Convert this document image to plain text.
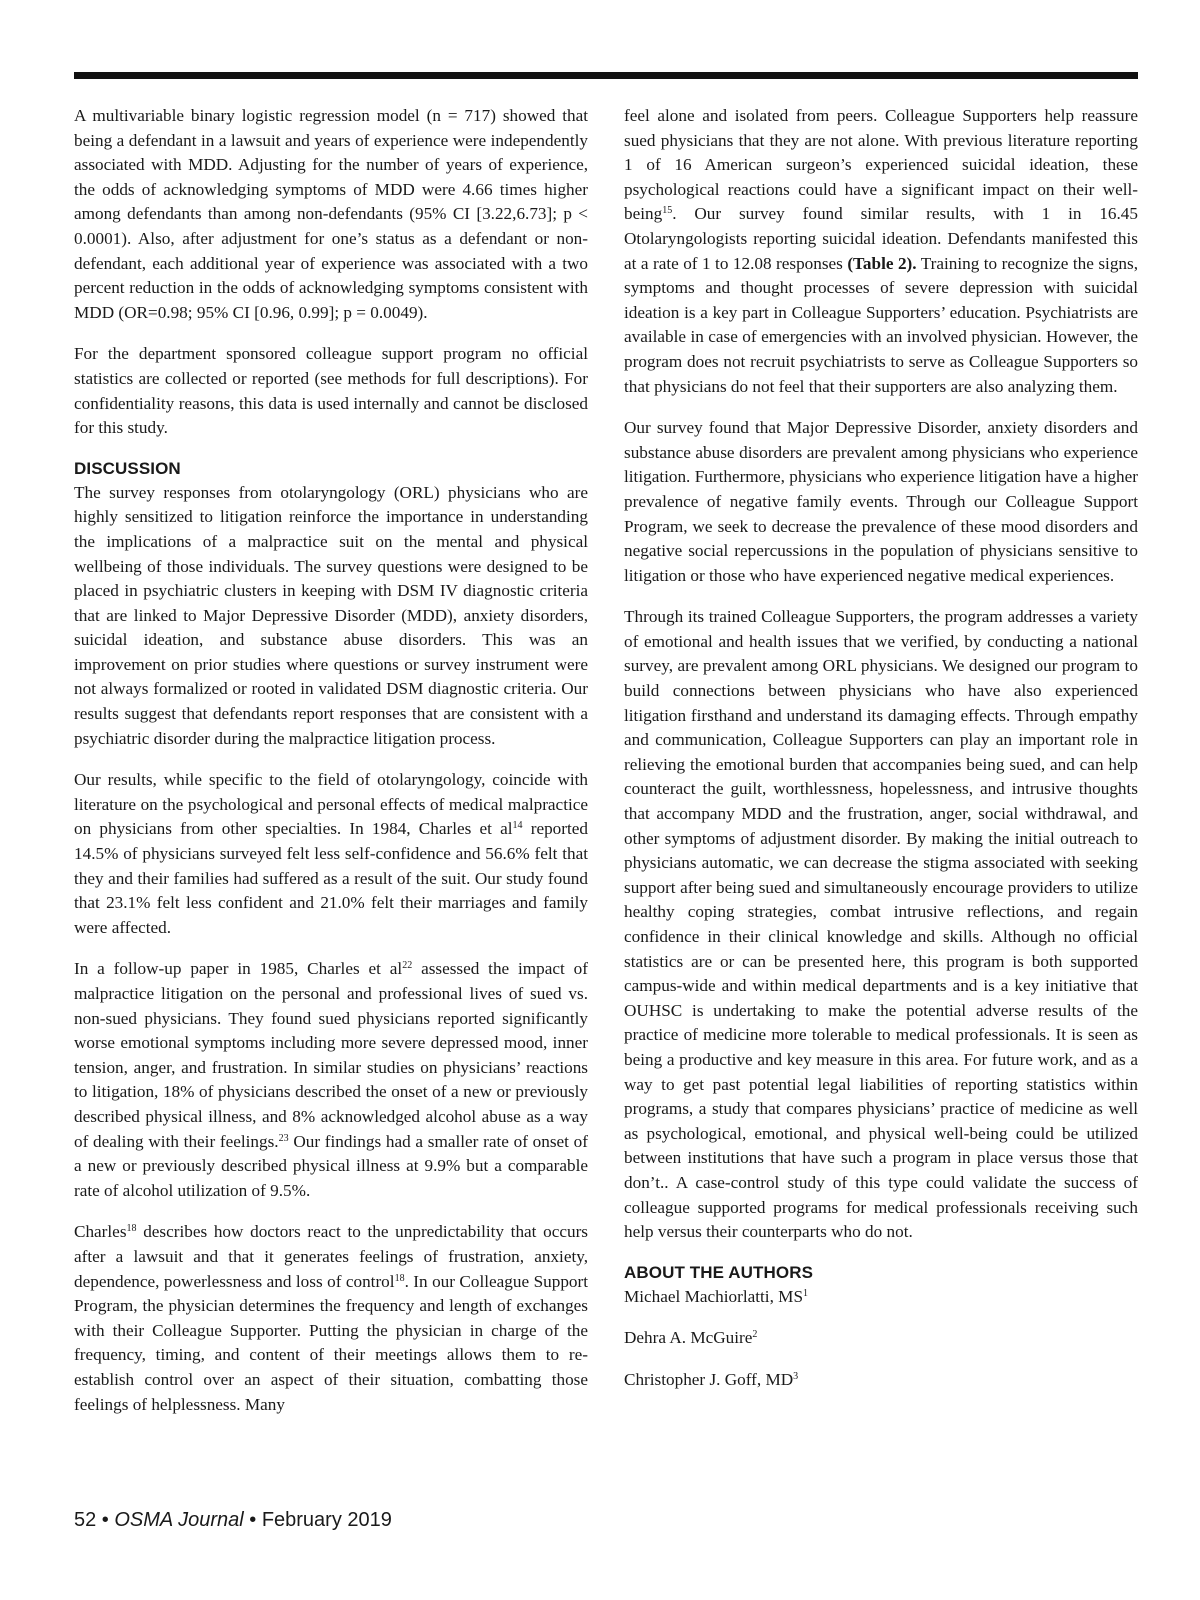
A multivariable binary logistic regression model (n = 717) showed that being a defendant in a lawsuit and years of experience were independently associated with MDD. Adjusting for the number of years of experience, the odds of acknowledging symptoms of MDD were 4.66 times higher among defendants than among non-defendants (95% CI [3.22,6.73]; p < 0.0001). Also, after adjustment for one’s status as a defendant or non-defendant, each additional year of experience was associated with a two percent reduction in the odds of acknowledging symptoms consistent with MDD (OR=0.98; 95% CI [0.96, 0.99]; p = 0.0049).

For the department sponsored colleague support program no official statistics are collected or reported (see methods for full descriptions). For confidentiality reasons, this data is used internally and cannot be disclosed for this study.

DISCUSSION

The survey responses from otolaryngology (ORL) physicians who are highly sensitized to litigation reinforce the importance in understanding the implications of a malpractice suit on the mental and physical wellbeing of those individuals. The survey questions were designed to be placed in psychiatric clusters in keeping with DSM IV diagnostic criteria that are linked to Major Depressive Disorder (MDD), anxiety disorders, suicidal ideation, and substance abuse disorders. This was an improvement on prior studies where questions or survey instrument were not always formalized or rooted in validated DSM diagnostic criteria. Our results suggest that defendants report responses that are consistent with a psychiatric disorder during the malpractice litigation process.

Our results, while specific to the field of otolaryngology, coincide with literature on the psychological and personal effects of medical malpractice on physicians from other specialties. In 1984, Charles et $al^{14}$ reported 14.5% of physicians surveyed felt less self-confidence and 56.6% felt that they and their families had suffered as a result of the suit. Our study found that 23.1% felt less confident and 21.0% felt their marriages and family were affected.

In a follow-up paper in 1985, Charles et $al^{22}$ assessed the impact of malpractice litigation on the personal and professional lives of sued vs. non-sued physicians. They found sued physicians reported significantly worse emotional symptoms including more severe depressed mood, inner tension, anger, and frustration. In similar studies on physicians’ reactions to litigation, 18% of physicians described the onset of a new or previously described physical illness, and 8% acknowledged alcohol abuse as a way of dealing with their feelings.$^{23}$ Our findings had a smaller rate of onset of a new or previously described physical illness at 9.9% but a comparable rate of alcohol utilization of 9.5%.

Charles$^{18}$ describes how doctors react to the unpredictability that occurs after a lawsuit and that it generates feelings of frustration, anxiety, dependence, powerlessness and loss of control$^{18}$. In our Colleague Support Program, the physician determines the frequency and length of exchanges with their Colleague Supporter. Putting the physician in charge of the frequency, timing, and content of their meetings allows them to re-establish control over an aspect of their situation, combatting those feelings of helplessness. Many

feel alone and isolated from peers. Colleague Supporters help reassure sued physicians that they are not alone. With previous literature reporting 1 of 16 American surgeon’s experienced suicidal ideation, these psychological reactions could have a significant impact on their well-being$^{15}$. Our survey found similar results, with 1 in 16.45 Otolaryngologists reporting suicidal ideation. Defendants manifested this at a rate of 1 to 12.08 responses (Table 2). Training to recognize the signs, symptoms and thought processes of severe depression with suicidal ideation is a key part in Colleague Supporters’ education. Psychiatrists are available in case of emergencies with an involved physician. However, the program does not recruit psychiatrists to serve as Colleague Supporters so that physicians do not feel that their supporters are also analyzing them.

Our survey found that Major Depressive Disorder, anxiety disorders and substance abuse disorders are prevalent among physicians who experience litigation. Furthermore, physicians who experience litigation have a higher prevalence of negative family events. Through our Colleague Support Program, we seek to decrease the prevalence of these mood disorders and negative social repercussions in the population of physicians sensitive to litigation or those who have experienced negative medical experiences.

Through its trained Colleague Supporters, the program addresses a variety of emotional and health issues that we verified, by conducting a national survey, are prevalent among ORL physicians. We designed our program to build connections between physicians who have also experienced litigation firsthand and understand its damaging effects. Through empathy and communication, Colleague Supporters can play an important role in relieving the emotional burden that accompanies being sued, and can help counteract the guilt, worthlessness, hopelessness, and intrusive thoughts that accompany MDD and the frustration, anger, social withdrawal, and other symptoms of adjustment disorder. By making the initial outreach to physicians automatic, we can decrease the stigma associated with seeking support after being sued and simultaneously encourage providers to utilize healthy coping strategies, combat intrusive reflections, and regain confidence in their clinical knowledge and skills. Although no official statistics are or can be presented here, this program is both supported campus-wide and within medical departments and is a key initiative that OUHSC is undertaking to make the potential adverse results of the practice of medicine more tolerable to medical professionals. It is seen as being a productive and key measure in this area. For future work, and as a way to get past potential legal liabilities of reporting statistics within programs, a study that compares physicians’ practice of medicine as well as psychological, emotional, and physical well-being could be utilized between institutions that have such a program in place versus those that don’t.. A case-control study of this type could validate the success of colleague supported programs for medical professionals receiving such help versus their counterparts who do not.

ABOUT THE AUTHORS

Michael Machiorlatti, $MS^1$

Dehra A. McGuire$^2$

Christopher J. Goff, $MD^3$

52 • OSMA Journal • February 2019
